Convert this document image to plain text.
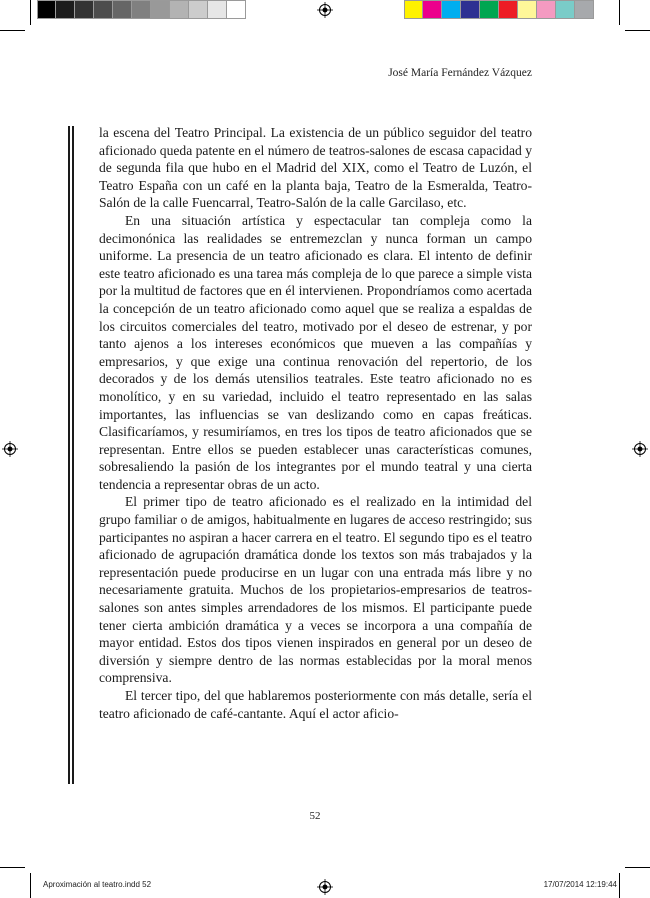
José María Fernández Vázquez

la escena del Teatro Principal. La existencia de un público seguidor del teatro aficionado queda patente en el número de teatros-salones de escasa capacidad y de segunda fila que hubo en el Madrid del XIX, como el Teatro de Luzón, el Teatro España con un café en la planta baja, Teatro de la Esmeralda, Teatro-Salón de la calle Fuencarral, Teatro-Salón de la calle Garcilaso, etc.

En una situación artística y espectacular tan compleja como la decimonónica las realidades se entremezclan y nunca forman un campo uniforme. La presencia de un teatro aficionado es clara. El intento de definir este teatro aficionado es una tarea más compleja de lo que parece a simple vista por la multitud de factores que en él intervienen. Propondríamos como acertada la concepción de un teatro aficionado como aquel que se realiza a espaldas de los circuitos comerciales del teatro, motivado por el deseo de estrenar, y por tanto ajenos a los intereses económicos que mueven a las compañías y empresarios, y que exige una continua renovación del repertorio, de los decorados y de los demás utensilios teatrales. Este teatro aficionado no es monolítico, y en su variedad, incluido el teatro representado en las salas importantes, las influencias se van deslizando como en capas freáticas. Clasificaríamos, y resumiríamos, en tres los tipos de teatro aficionados que se representan. Entre ellos se pueden establecer unas características comunes, sobresaliendo la pasión de los integrantes por el mundo teatral y una cierta tendencia a representar obras de un acto.

El primer tipo de teatro aficionado es el realizado en la intimidad del grupo familiar o de amigos, habitualmente en lugares de acceso restringido; sus participantes no aspiran a hacer carrera en el teatro. El segundo tipo es el teatro aficionado de agrupación dramática donde los textos son más trabajados y la representación puede producirse en un lugar con una entrada más libre y no necesariamente gratuita. Muchos de los propietarios-empresarios de teatros-salones son antes simples arrendadores de los mismos. El participante puede tener cierta ambición dramática y a veces se incorpora a una compañía de mayor entidad. Estos dos tipos vienen inspirados en general por un deseo de diversión y siempre dentro de las normas establecidas por la moral menos comprensiva.

El tercer tipo, del que hablaremos posteriormente con más detalle, sería el teatro aficionado de café-cantante. Aquí el actor aficio-

52
Aproximación al teatro.indd 52	17/07/2014 12:19:44
